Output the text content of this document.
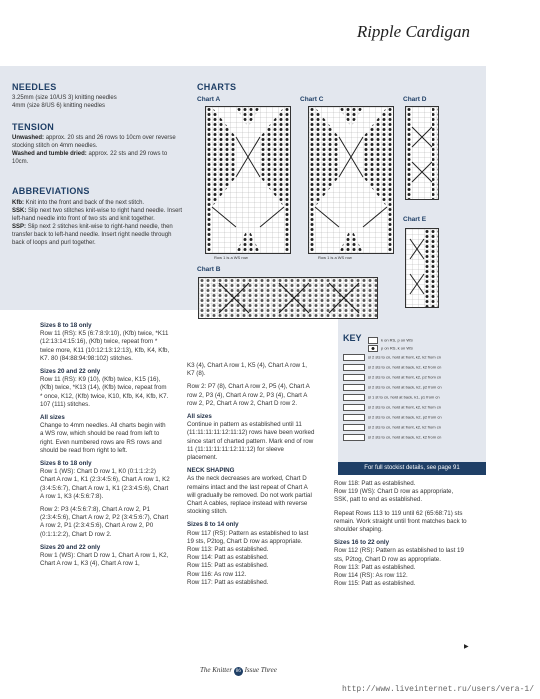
Ripple Cardigan
NEEDLES
3.25mm (size 10/US 3) knitting needles
4mm (size 8/US 6) knitting needles
TENSION
Unwashed: approx. 20 sts and 26 rows to 10cm over reverse stocking stitch on 4mm needles.
Washed and tumble dried: approx. 22 sts and 29 rows to 10cm.
ABBREVIATIONS
Kfb: Knit into the front and back of the next stitch.
SSK: Slip next two stitches knit-wise to right hand needle. Insert left-hand needle into front of two sts and knit together.
SSP: Slip next 2 stitches knit-wise to right-hand needle, then transfer back to left-hand needle. Insert right needle through back of loops and purl together.
CHARTS
Chart A
Row 1 is a WS row
Chart C
Row 1 is a WS row
Chart D
Chart E
Chart B
KEY	k on RS, p on WS
p on RS, k on WS
sl 2 sts to cn, hold at front, k2, k2 from cn
sl 2 sts to cn, hold at back, k2, k2 from cn
sl 2 sts to cn, hold at front, k2, p2 from cn
sl 2 sts to cn, hold at back, k2, p2 from cn
sl 1 st to cn, hold at back, k1, p1 from cn
sl 2 sts to cn, hold at front, k2, k2 from cn
sl 2 sts to cn, hold at back, k2, p2 from cn
sl 2 sts to cn, hold at front, k2, k2 from cn
sl 2 sts to cn, hold at back, k2, k2 from cn
For full stockist details, see page 91

Sizes 8 to 18 only

Row 11 (RS): K5 (6:7:8:9:10), (Kfb) twice, *K11 (12:13:14:15:16), (Kfb) twice, repeat from * twice more, K11 (10:12:13:12:13), Kfb, K4, Kfb, K7. 80 (84:88:94:98:102) stitches.

Sizes 20 and 22 only

Row 11 (RS): K9 (10), (Kfb) twice, K15 (16), (Kfb) twice, *K13 (14), (Kfb) twice, repeat from * once, K12, (Kfb) twice, K10, Kfb, K4, Kfb, K7. 107 (111) stitches.

All sizes

Change to 4mm needles. All charts begin with a WS row, which should be read from left to right. Even numbered rows are RS rows and should be read from right to left.

Sizes 8 to 18 only

Row 1 (WS): Chart D row 1, K0 (0:1:1:2:2) Chart A row 1, K1 (2:3:4:5:6), Chart A row 1, K2 (3:4:5:6:7), Chart A row 1, K1 (2:3:4:5:6), Chart A row 1, K3 (4:5:6:7:8).

Row 2: P3 (4:5:6:7:8), Chart A row 2, P1 (2:3:4:5:6), Chart A row 2, P2 (3:4:5:6:7), Chart A row 2, P1 (2:3:4:5:6), Chart A row 2, P0 (0:1:1:2:2), Chart D row 2.

Sizes 20 and 22 only

Row 1 (WS): Chart D row 1, Chart A row 1, K2, Chart A row 1, K3 (4), Chart A row 1,

K3 (4), Chart A row 1, K5 (4), Chart A row 1, K7 (8).

Row 2: P7 (8), Chart A row 2, P5 (4), Chart A row 2, P3 (4), Chart A row 2, P3 (4), Chart A row 2, P2, Chart A row 2, Chart D row 2.

All sizes

Continue in pattern as established until 11 (11:11:11:11:12:11:12) rows have been worked since start of charted pattern. Mark end of row 11 (11:11:11:11:12:11:12) for sleeve placement.

NECK SHAPING

As the neck decreases are worked, Chart D remains intact and the last repeat of Chart A will gradually be removed. Do not work partial Chart A cables, replace instead with reverse stocking stitch.

Sizes 8 to 14 only

Row 117 (RS): Pattern as established to last 19 sts, P2tog, Chart D row as appropriate.

Row 113: Patt as established.

Row 114: Patt as established.

Row 115: Patt as established.

Row 116: As row 112.

Row 117: Patt as established.

Row 118: Patt as established.

Row 119 (WS): Chart D row as appropriate, SSK, patt to end as established.

Repeat Rows 113 to 119 until 62 (65:68:71) sts remain. Work straight until front matches back to shoulder shaping.

Sizes 16 to 22 only

Row 112 (RS): Pattern as established to last 19 sts, P2tog, Chart D row as appropriate.

Row 113: Patt as established.

Row 114 (RS): As row 112.

Row 115: Patt as established.

▶
The Knitter 86 Issue Three
http://www.liveinternet.ru/users/vera-1/
